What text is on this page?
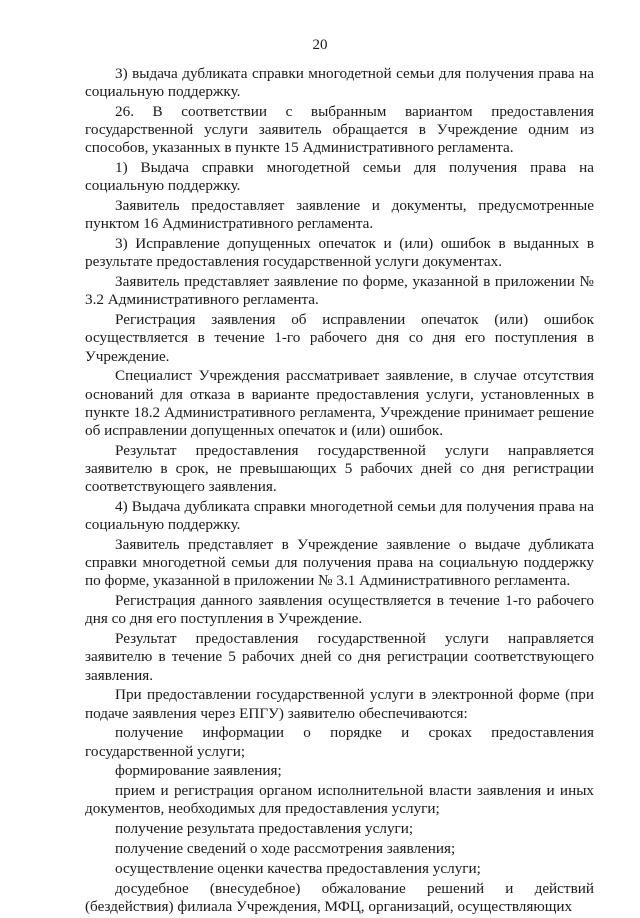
20

3) выдача дубликата справки многодетной семьи для получения права на социальную поддержку.

26. В соответствии с выбранным вариантом предоставления государственной услуги заявитель обращается в Учреждение одним из способов, указанных в пункте 15 Административного регламента.

1) Выдача справки многодетной семьи для получения права на социальную поддержку.

Заявитель предоставляет заявление и документы, предусмотренные пунктом 16 Административного регламента.

3) Исправление допущенных опечаток и (или) ошибок в выданных в результате предоставления государственной услуги документах.

Заявитель представляет заявление по форме, указанной в приложении № 3.2 Административного регламента.

Регистрация заявления об исправлении опечаток (или) ошибок осуществляется в течение 1-го рабочего дня со дня его поступления в Учреждение.

Специалист Учреждения рассматривает заявление, в случае отсутствия оснований для отказа в варианте предоставления услуги, установленных в пункте 18.2 Административного регламента, Учреждение принимает решение об исправлении допущенных опечаток и (или) ошибок.

Результат предоставления государственной услуги направляется заявителю в срок, не превышающих 5 рабочих дней со дня регистрации соответствующего заявления.

4) Выдача дубликата справки многодетной семьи для получения права на социальную поддержку.

Заявитель представляет в Учреждение заявление о выдаче дубликата справки многодетной семьи для получения права на социальную поддержку по форме, указанной в приложении № 3.1 Административного регламента.

Регистрация данного заявления осуществляется в течение 1-го рабочего дня со дня его поступления в Учреждение.

Результат предоставления государственной услуги направляется заявителю в течение 5 рабочих дней со дня регистрации соответствующего заявления.

При предоставлении государственной услуги в электронной форме (при подаче заявления через ЕПГУ) заявителю обеспечиваются:

получение информации о порядке и сроках предоставления государственной услуги;

формирование заявления;

прием и регистрация органом исполнительной власти заявления и иных документов, необходимых для предоставления услуги;

получение результата предоставления услуги;

получение сведений о ходе рассмотрения заявления;

осуществление оценки качества предоставления услуги;

досудебное (внесудебное) обжалование решений и действий (бездействия) филиала Учреждения, МФЦ, организаций, осуществляющих
